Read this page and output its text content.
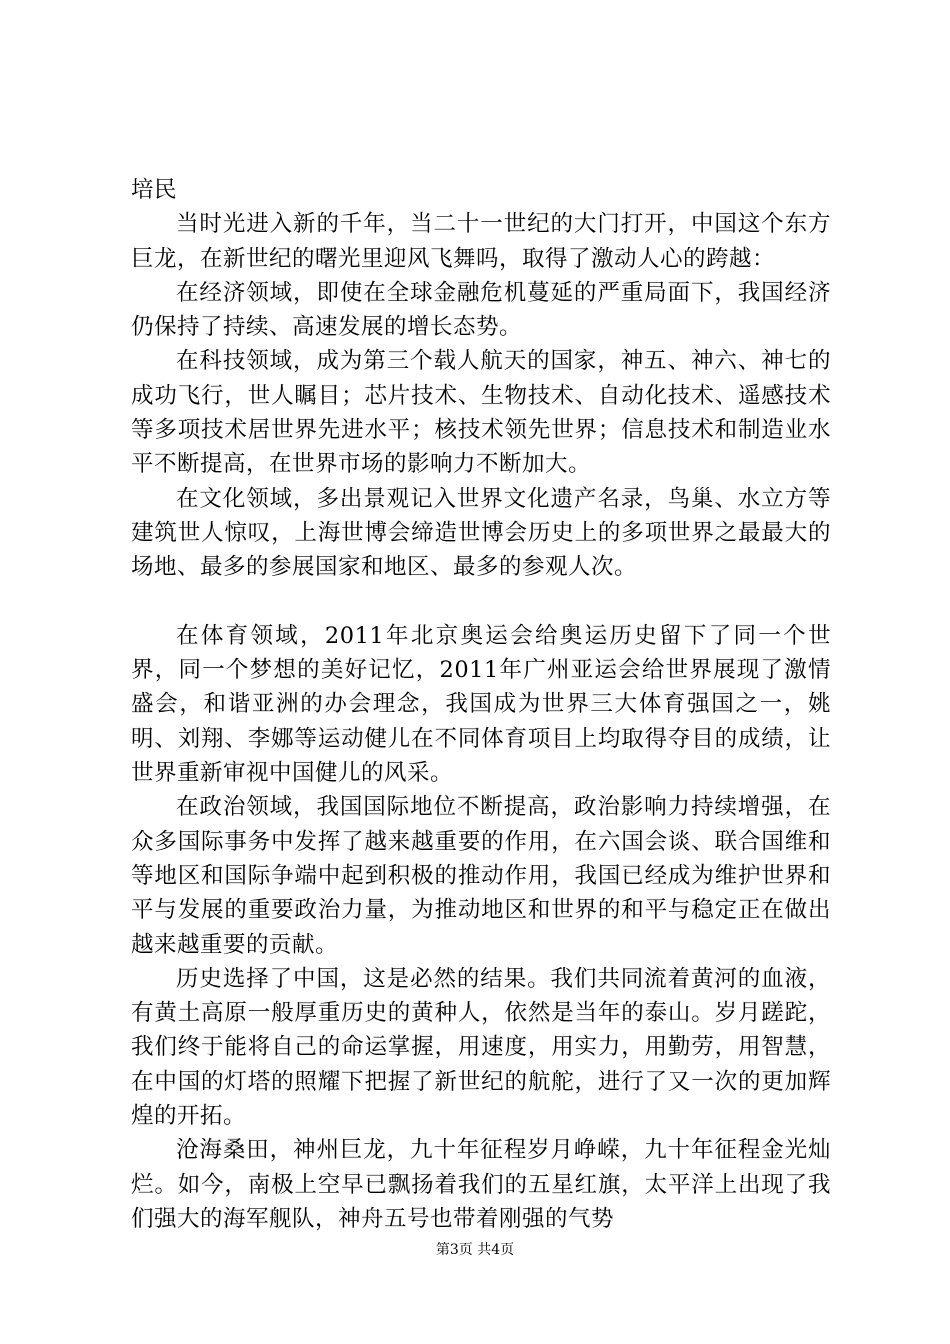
培民

当时光进入新的千年，当二十一世纪的大门打开，中国这个东方巨龙，在新世纪的曙光里迎风飞舞吗，取得了激动人心的跨越：

在经济领域，即使在全球金融危机蔓延的严重局面下，我国经济仍保持了持续、高速发展的增长态势。

在科技领域，成为第三个载人航天的国家，神五、神六、神七的成功飞行，世人瞩目；芯片技术、生物技术、自动化技术、遥感技术等多项技术居世界先进水平；核技术领先世界；信息技术和制造业水平不断提高，在世界市场的影响力不断加大。

在文化领域，多出景观记入世界文化遗产名录，鸟巢、水立方等建筑世人惊叹，上海世博会缔造世博会历史上的多项世界之最最大的场地、最多的参展国家和地区、最多的参观人次。

在体育领域，2011年北京奥运会给奥运历史留下了同一个世界，同一个梦想的美好记忆，2011年广州亚运会给世界展现了激情盛会，和谐亚洲的办会理念，我国成为世界三大体育强国之一，姚明、刘翔、李娜等运动健儿在不同体育项目上均取得夺目的成绩，让世界重新审视中国健儿的风采。

在政治领域，我国国际地位不断提高，政治影响力持续增强，在众多国际事务中发挥了越来越重要的作用，在六国会谈、联合国维和等地区和国际争端中起到积极的推动作用，我国已经成为维护世界和平与发展的重要政治力量，为推动地区和世界的和平与稳定正在做出越来越重要的贡献。

历史选择了中国，这是必然的结果。我们共同流着黄河的血液，有黄土高原一般厚重历史的黄种人，依然是当年的泰山。岁月蹉跎，我们终于能将自己的命运掌握，用速度，用实力，用勤劳，用智慧，在中国的灯塔的照耀下把握了新世纪的航舵，进行了又一次的更加辉煌的开拓。

沧海桑田，神州巨龙，九十年征程岁月峥嵘，九十年征程金光灿烂。如今，南极上空早已飘扬着我们的五星红旗，太平洋上出现了我们强大的海军舰队，神舟五号也带着刚强的气势

第3页 共4页
